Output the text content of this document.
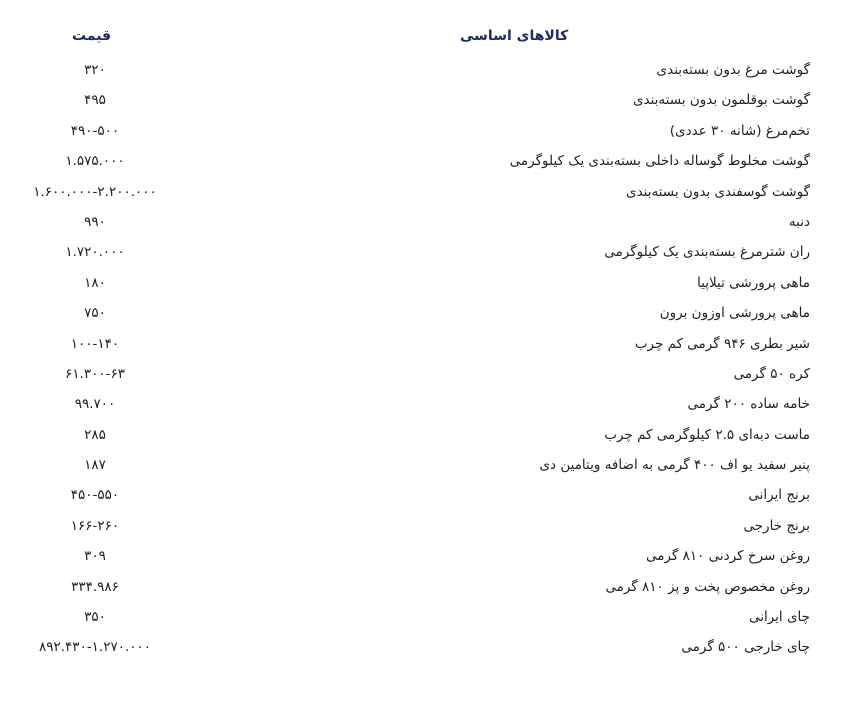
کالاهای اساسی
قیمت
گوشت مرغ بدون بسته‌بندی
۳۲۰
گوشت بوقلمون بدون بسته‌بندی
۴۹۵
تخم‌مرغ (شانه ۳۰ عددی)
۴۹۰-۵۰۰
گوشت مخلوط گوساله داخلی بسته‌بندی یک کیلوگرمی
۱.۵۷۵.۰۰۰
گوشت گوسفندی بدون بسته‌بندی
۱.۶۰۰.۰۰۰-۲.۲۰۰.۰۰۰
دنبه
۹۹۰
ران شترمرغ بسته‌بندی یک کیلوگرمی
۱.۷۲۰.۰۰۰
ماهی پرورشی تیلاپیا
۱۸۰
ماهی پرورشی اوزون برون
۷۵۰
شیر بطری ۹۴۶ گرمی کم چرب
۱۰۰-۱۴۰
کره ۵۰ گرمی
۶۱.۳۰۰-۶۳
خامه ساده ۲۰۰ گرمی
۹۹.۷۰۰
ماست دبه‌ای ۲.۵ کیلوگرمی کم چرب
۲۸۵
پنیر سفید یو اف ۴۰۰ گرمی به اضافه ویتامین دی
۱۸۷
برنج ایرانی
۴۵۰-۵۵۰
برنج خارجی
۱۶۶-۲۶۰
روغن سرخ کردنی ۸۱۰ گرمی
۳۰۹
روغن مخصوص پخت و پز ۸۱۰ گرمی
۳۳۴.۹۸۶
چای ایرانی
۳۵۰
چای خارجی ۵۰۰ گرمی
۸۹۲.۴۳۰-۱.۲۷۰.۰۰۰
